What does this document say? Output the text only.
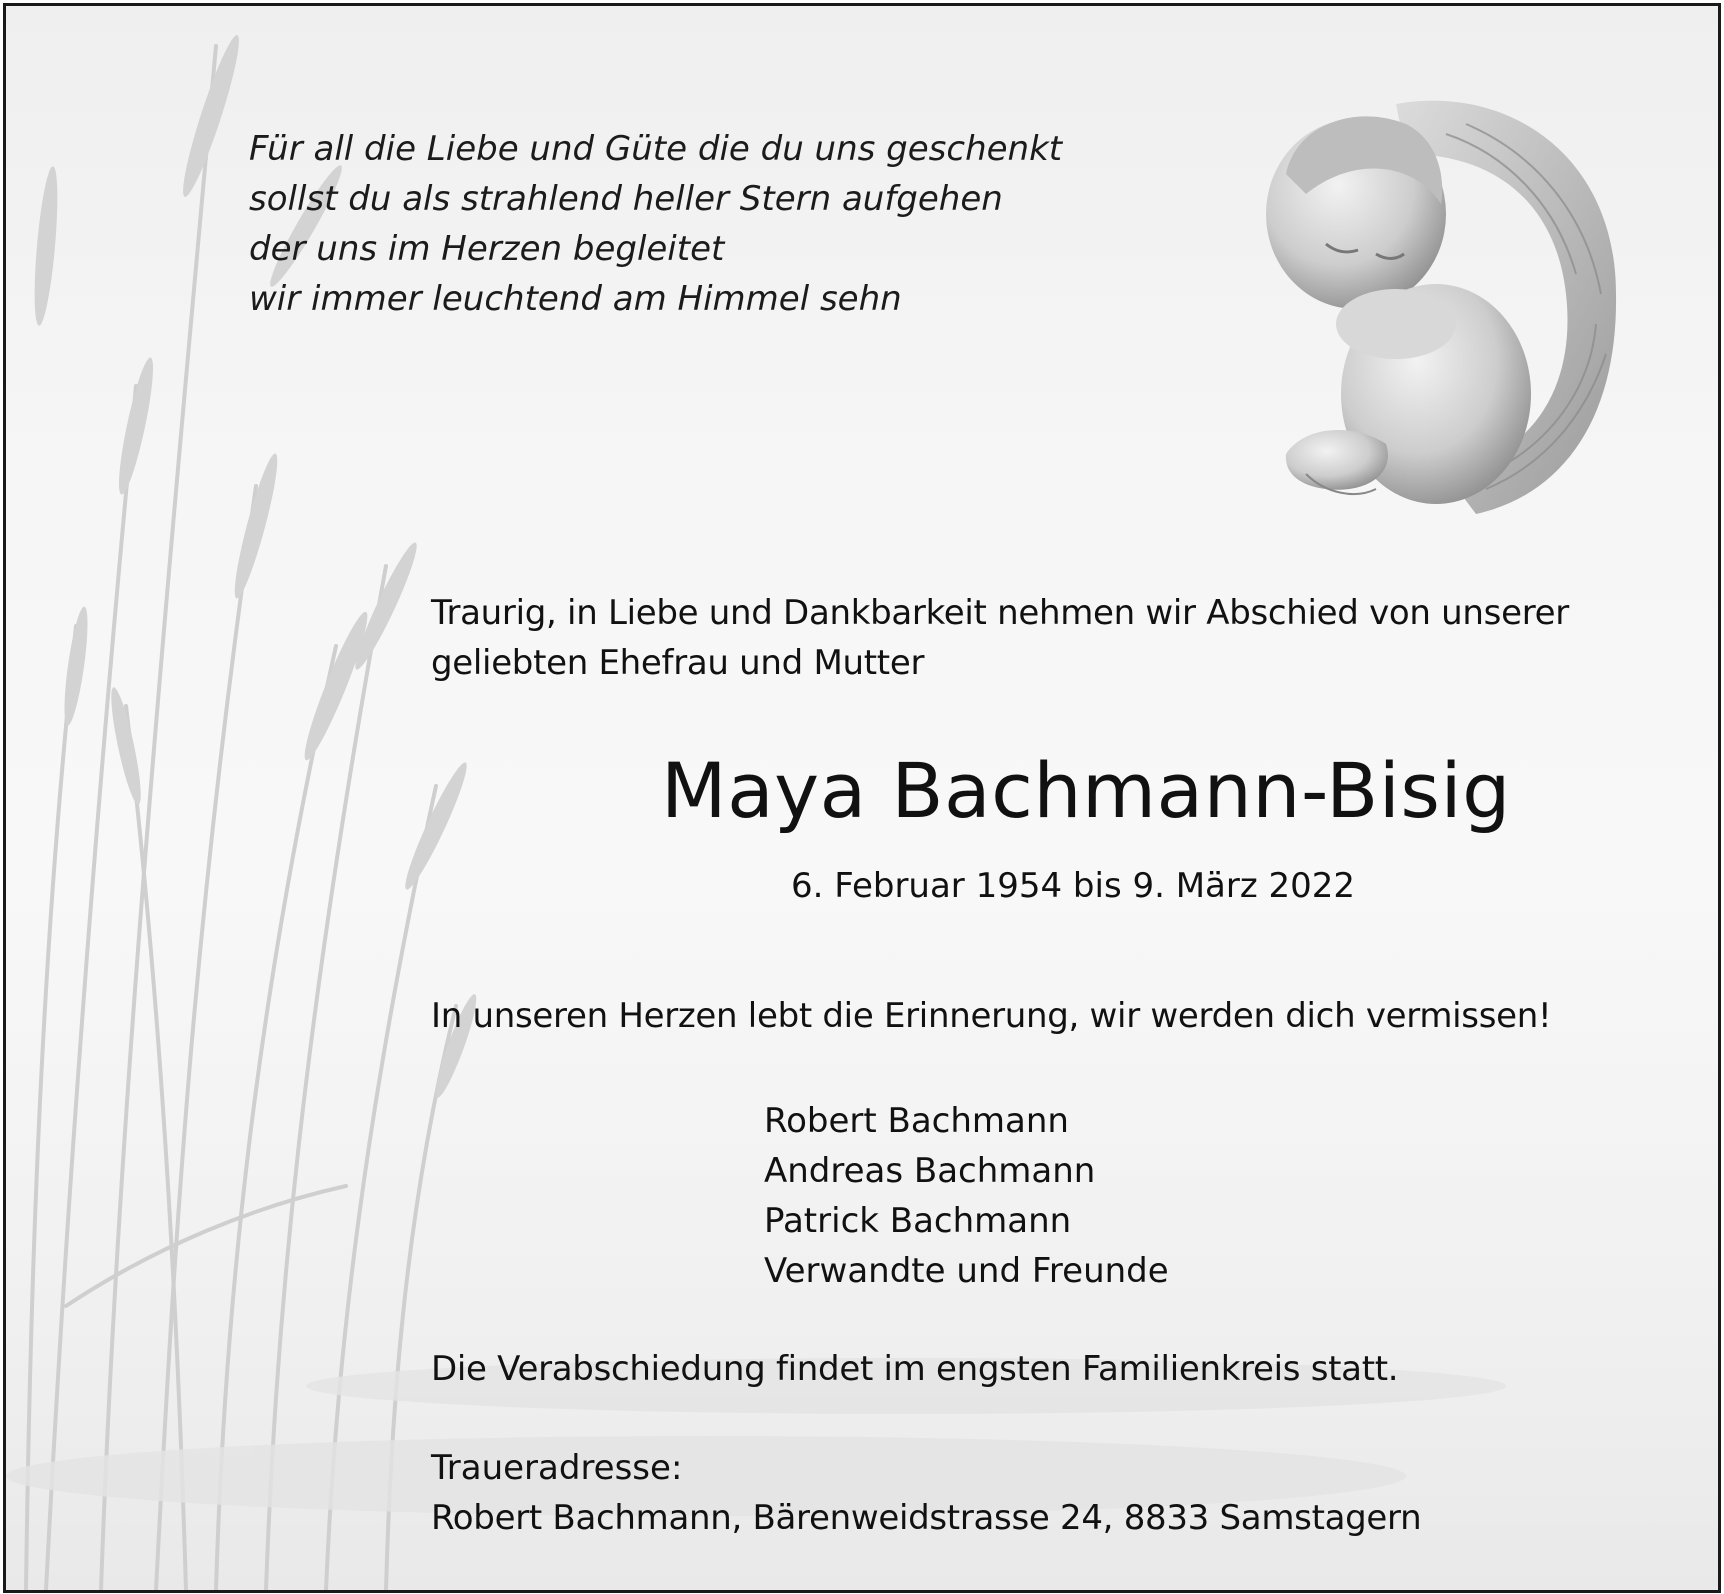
Für all die Liebe und Güte die du uns geschenkt
sollst du als strahlend heller Stern aufgehen
der uns im Herzen begleitet
wir immer leuchtend am Himmel sehn
Traurig, in Liebe und Dankbarkeit nehmen wir Abschied von unserer
geliebten Ehefrau und Mutter
Maya Bachmann-Bisig
6. Februar 1954 bis 9. März 2022
In unseren Herzen lebt die Erinnerung, wir werden dich vermissen!
Robert Bachmann
Andreas Bachmann
Patrick Bachmann
Verwandte und Freunde
Die Verabschiedung findet im engsten Familienkreis statt.
Traueradresse:
Robert Bachmann, Bärenweidstrasse 24, 8833 Samstagern
